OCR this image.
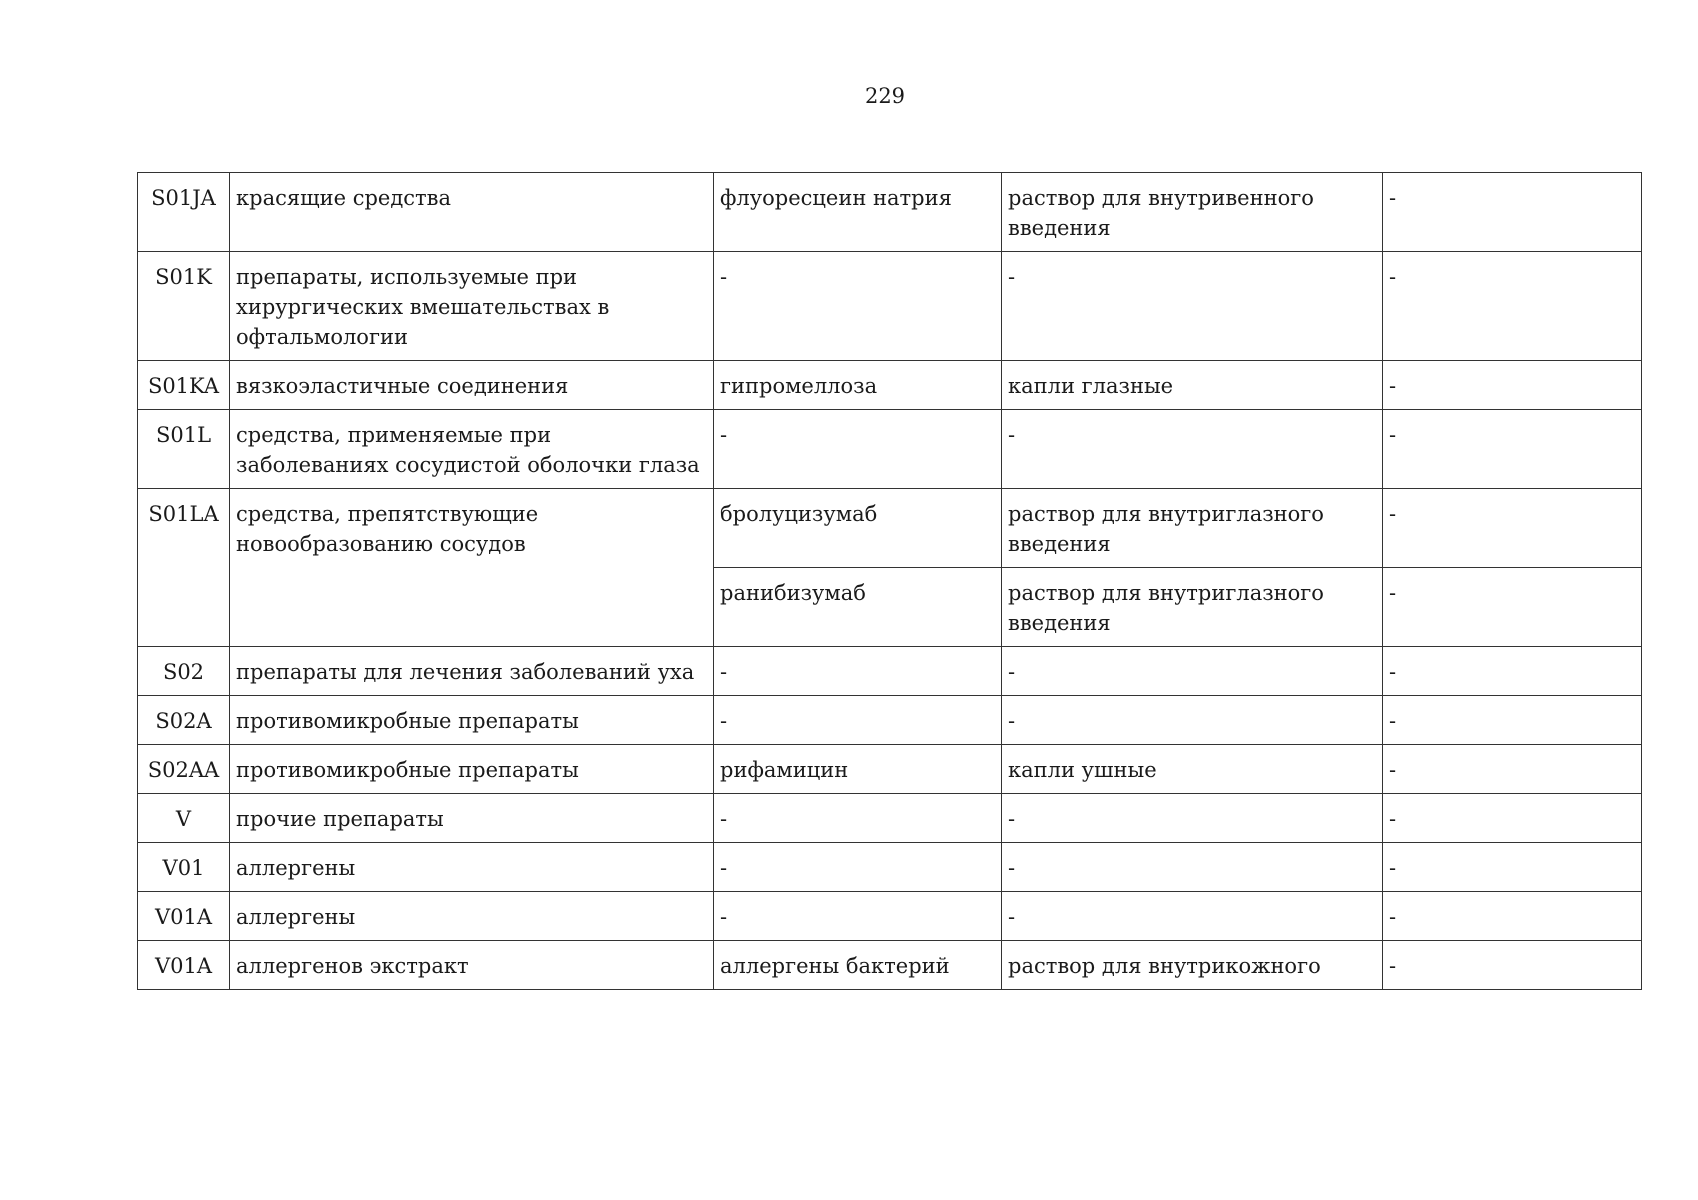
229
S01JA	красящие средства	флуоресцеин натрия	раствор для внутривенного введения	-
S01K	препараты, используемые при хирургических вмешательствах в офтальмологии	-	-	-
S01KA	вязкоэластичные соединения	гипромеллоза	капли глазные	-
S01L	средства, применяемые при заболеваниях сосудистой оболочки глаза	-	-	-
S01LA	средства, препятствующие новообразованию сосудов	бролуцизумаб	раствор для внутриглазного введения	-
		ранибизумаб	раствор для внутриглазного введения	-
S02	препараты для лечения заболеваний уха	-	-	-
S02A	противомикробные препараты	-	-	-
S02AA	противомикробные препараты	рифамицин	капли ушные	-
V	прочие препараты	-	-	-
V01	аллергены	-	-	-
V01A	аллергены	-	-	-
V01A	аллергенов экстракт	аллергены бактерий	раствор для внутрикожного	-
